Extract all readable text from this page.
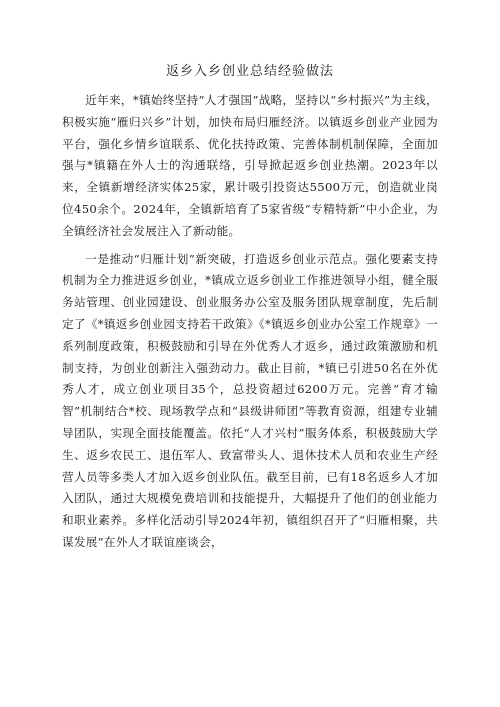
返乡入乡创业总结经验做法

近年来，*镇始终坚持“人才强国”战略，坚持以“乡村振兴”为主线，积极实施“雁归兴乡”计划，加快布局归雁经济。以镇返乡创业产业园为平台，强化乡情乡谊联系、优化扶持政策、完善体制机制保障，全面加强与*镇籍在外人士的沟通联络，引导掀起返乡创业热潮。2023年以来，全镇新增经济实体25家，累计吸引投资达5500万元，创造就业岗位450余个。2024年，全镇新培育了5家省级“专精特新”中小企业，为全镇经济社会发展注入了新动能。

一是推动“归雁计划”新突破，打造返乡创业示范点。强化要素支持机制为全力推进返乡创业，*镇成立返乡创业工作推进领导小组，健全服务站管理、创业园建设、创业服务办公室及服务团队规章制度，先后制定了《*镇返乡创业园支持若干政策》《*镇返乡创业办公室工作规章》一系列制度政策，积极鼓励和引导在外优秀人才返乡，通过政策激励和机制支持，为创业创新注入强劲动力。截止目前，*镇已引进50名在外优秀人才，成立创业项目35个，总投资超过6200万元。完善“育才输智”机制结合*校、现场教学点和“县级讲师团”等教育资源，组建专业辅导团队，实现全面技能覆盖。依托“人才兴村”服务体系，积极鼓励大学生、返乡农民工、退伍军人、致富带头人、退休技术人员和农业生产经营人员等多类人才加入返乡创业队伍。截至目前，已有18名返乡人才加入团队，通过大规模免费培训和技能提升，大幅提升了他们的创业能力和职业素养。多样化活动引导2024年初，镇组织召开了“归雁相聚，共谋发展”在外人才联谊座谈会，
